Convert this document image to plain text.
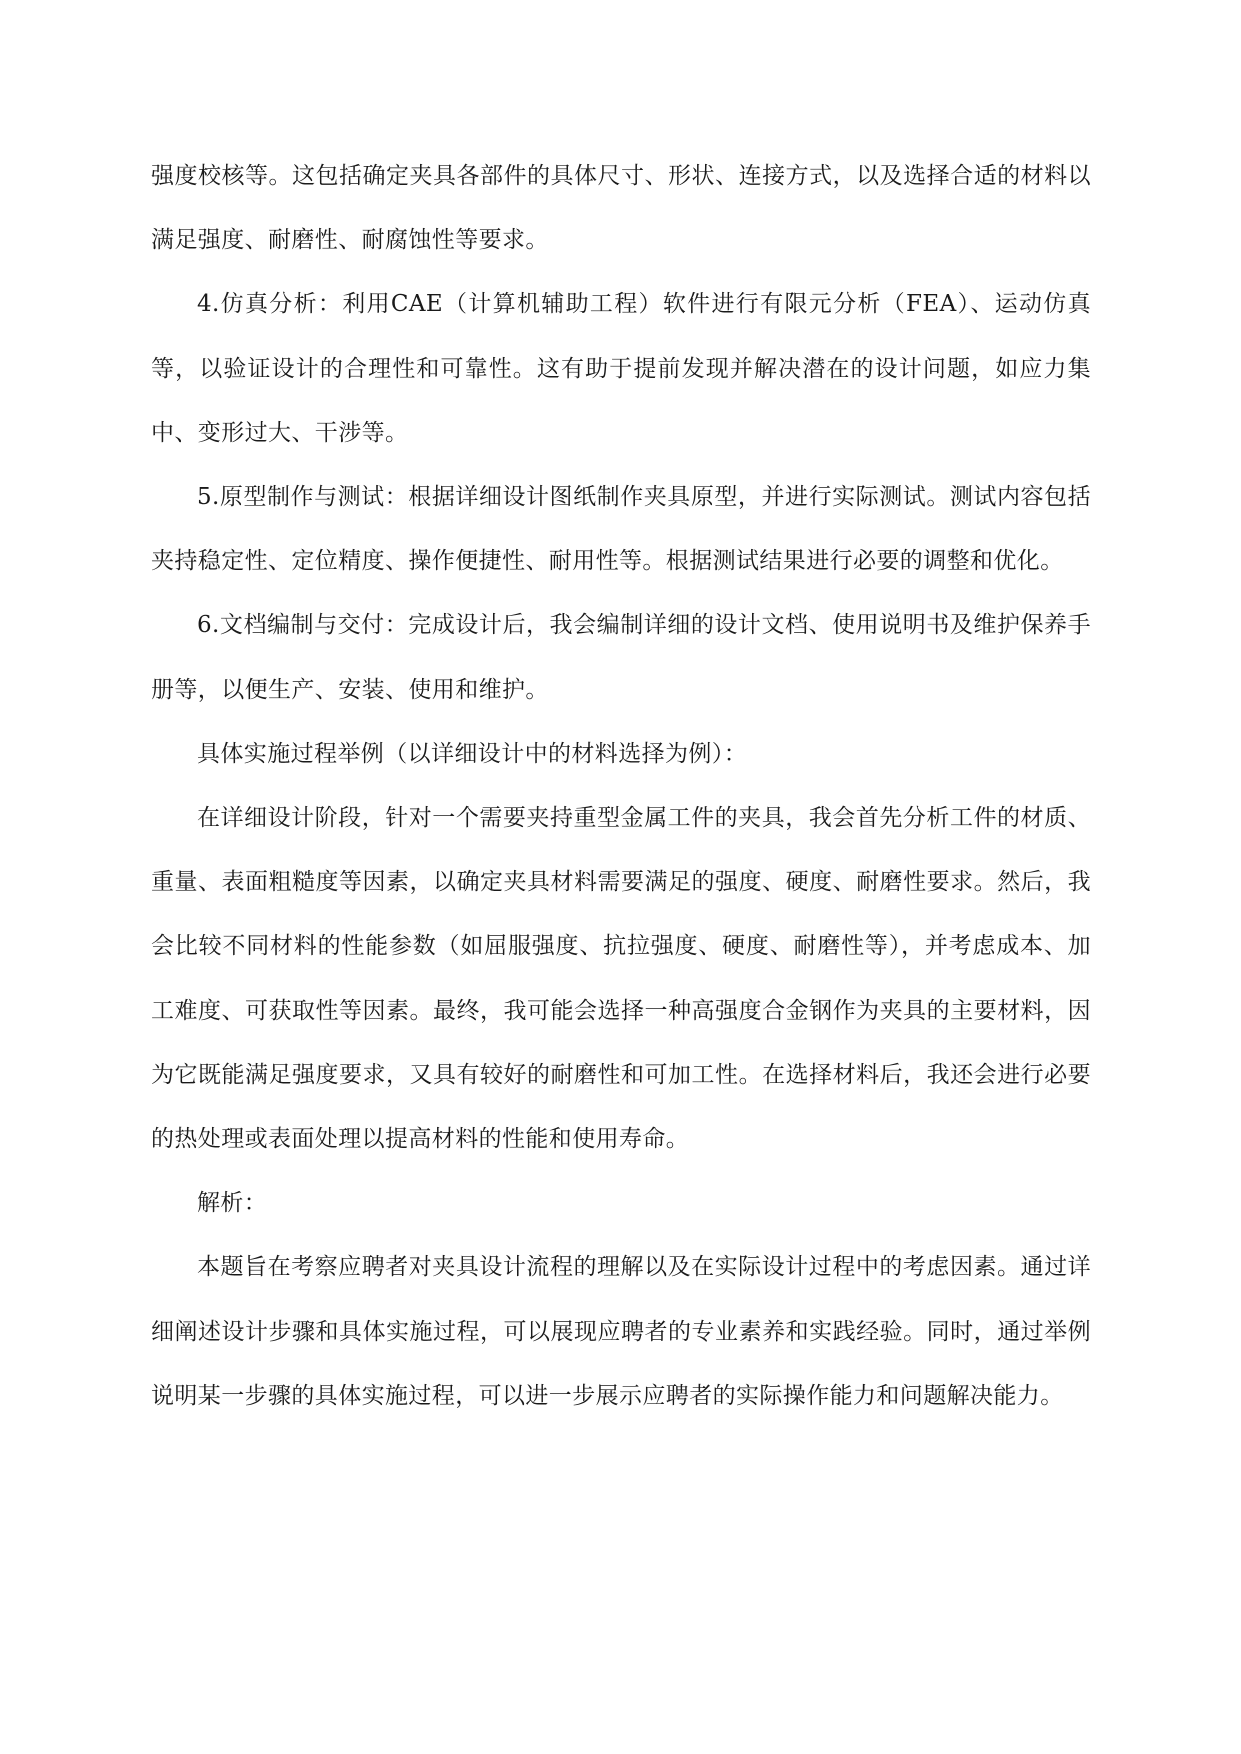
强度校核等。这包括确定夹具各部件的具体尺寸、形状、连接方式，以及选择合适的材料以满足强度、耐磨性、耐腐蚀性等要求。

4.仿真分析：利用CAE（计算机辅助工程）软件进行有限元分析（FEA）、运动仿真等，以验证设计的合理性和可靠性。这有助于提前发现并解决潜在的设计问题，如应力集中、变形过大、干涉等。

5.原型制作与测试：根据详细设计图纸制作夹具原型，并进行实际测试。测试内容包括夹持稳定性、定位精度、操作便捷性、耐用性等。根据测试结果进行必要的调整和优化。

6.文档编制与交付：完成设计后，我会编制详细的设计文档、使用说明书及维护保养手册等，以便生产、安装、使用和维护。

具体实施过程举例（以详细设计中的材料选择为例）：

在详细设计阶段，针对一个需要夹持重型金属工件的夹具，我会首先分析工件的材质、重量、表面粗糙度等因素，以确定夹具材料需要满足的强度、硬度、耐磨性要求。然后，我会比较不同材料的性能参数（如屈服强度、抗拉强度、硬度、耐磨性等），并考虑成本、加工难度、可获取性等因素。最终，我可能会选择一种高强度合金钢作为夹具的主要材料，因为它既能满足强度要求，又具有较好的耐磨性和可加工性。在选择材料后，我还会进行必要的热处理或表面处理以提高材料的性能和使用寿命。

解析：

本题旨在考察应聘者对夹具设计流程的理解以及在实际设计过程中的考虑因素。通过详细阐述设计步骤和具体实施过程，可以展现应聘者的专业素养和实践经验。同时，通过举例说明某一步骤的具体实施过程，可以进一步展示应聘者的实际操作能力和问题解决能力。
